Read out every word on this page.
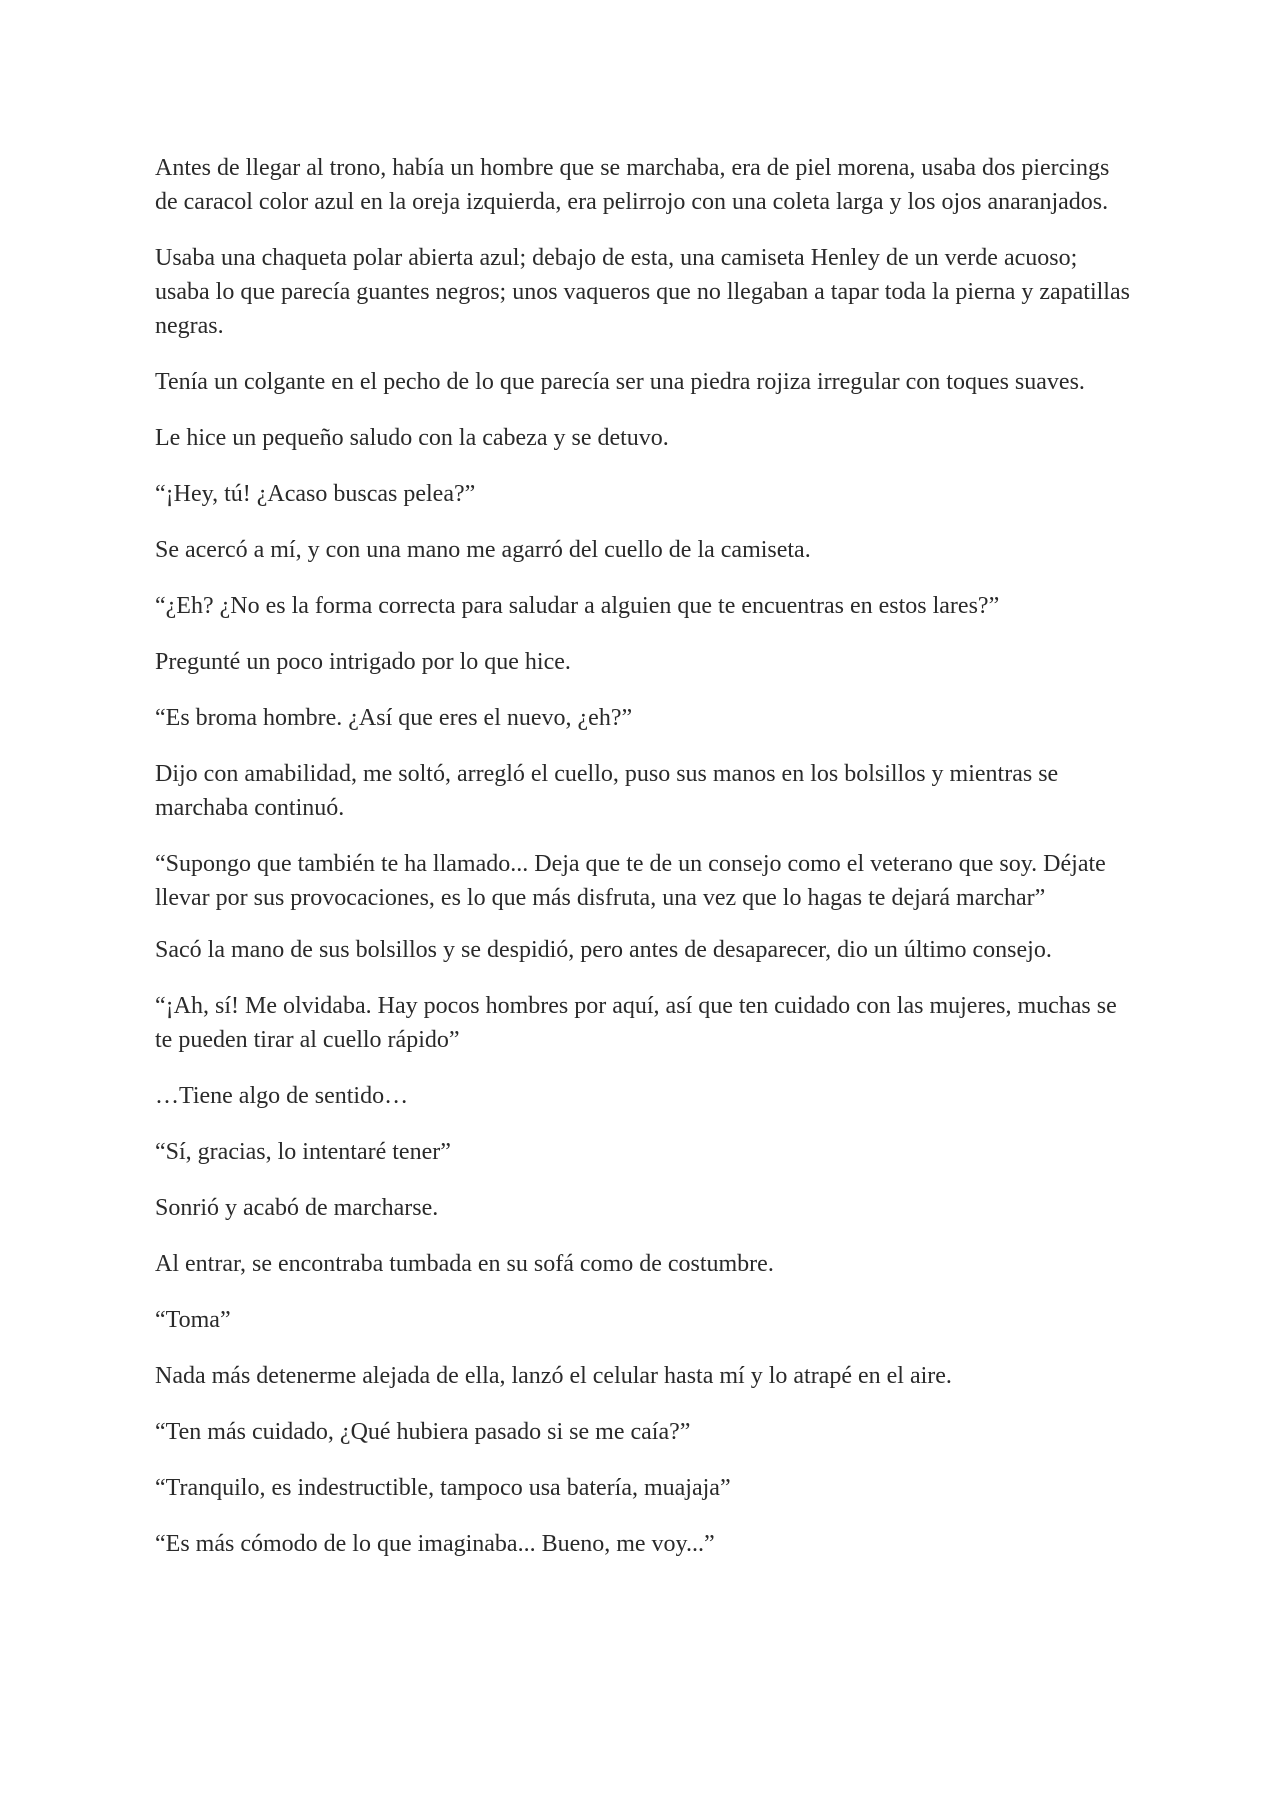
Antes de llegar al trono, había un hombre que se marchaba, era de piel morena, usaba dos piercings de caracol color azul en la oreja izquierda, era pelirrojo con una coleta larga y los ojos anaranjados.

Usaba una chaqueta polar abierta azul; debajo de esta, una camiseta Henley de un verde acuoso; usaba lo que parecía guantes negros; unos vaqueros que no llegaban a tapar toda la pierna y zapatillas negras.

Tenía un colgante en el pecho de lo que parecía ser una piedra rojiza irregular con toques suaves.

Le hice un pequeño saludo con la cabeza y se detuvo.

“¡Hey, tú! ¿Acaso buscas pelea?”

Se acercó a mí, y con una mano me agarró del cuello de la camiseta.

“¿Eh? ¿No es la forma correcta para saludar a alguien que te encuentras en estos lares?”

Pregunté un poco intrigado por lo que hice.

“Es broma hombre. ¿Así que eres el nuevo, ¿eh?”

Dijo con amabilidad, me soltó, arregló el cuello, puso sus manos en los bolsillos y mientras se marchaba continuó.

“Supongo que también te ha llamado... Deja que te de un consejo como el veterano que soy. Déjate llevar por sus provocaciones, es lo que más disfruta, una vez que lo hagas te dejará marchar”

Sacó la mano de sus bolsillos y se despidió, pero antes de desaparecer, dio un último consejo.

“¡Ah, sí! Me olvidaba. Hay pocos hombres por aquí, así que ten cuidado con las mujeres, muchas se te pueden tirar al cuello rápido”

…Tiene algo de sentido…

“Sí, gracias, lo intentaré tener”

Sonrió y acabó de marcharse.

Al entrar, se encontraba tumbada en su sofá como de costumbre.

“Toma”

Nada más detenerme alejada de ella, lanzó el celular hasta mí y lo atrapé en el aire.

“Ten más cuidado, ¿Qué hubiera pasado si se me caía?”

“Tranquilo, es indestructible, tampoco usa batería, muajaja”

“Es más cómodo de lo que imaginaba... Bueno, me voy...”
